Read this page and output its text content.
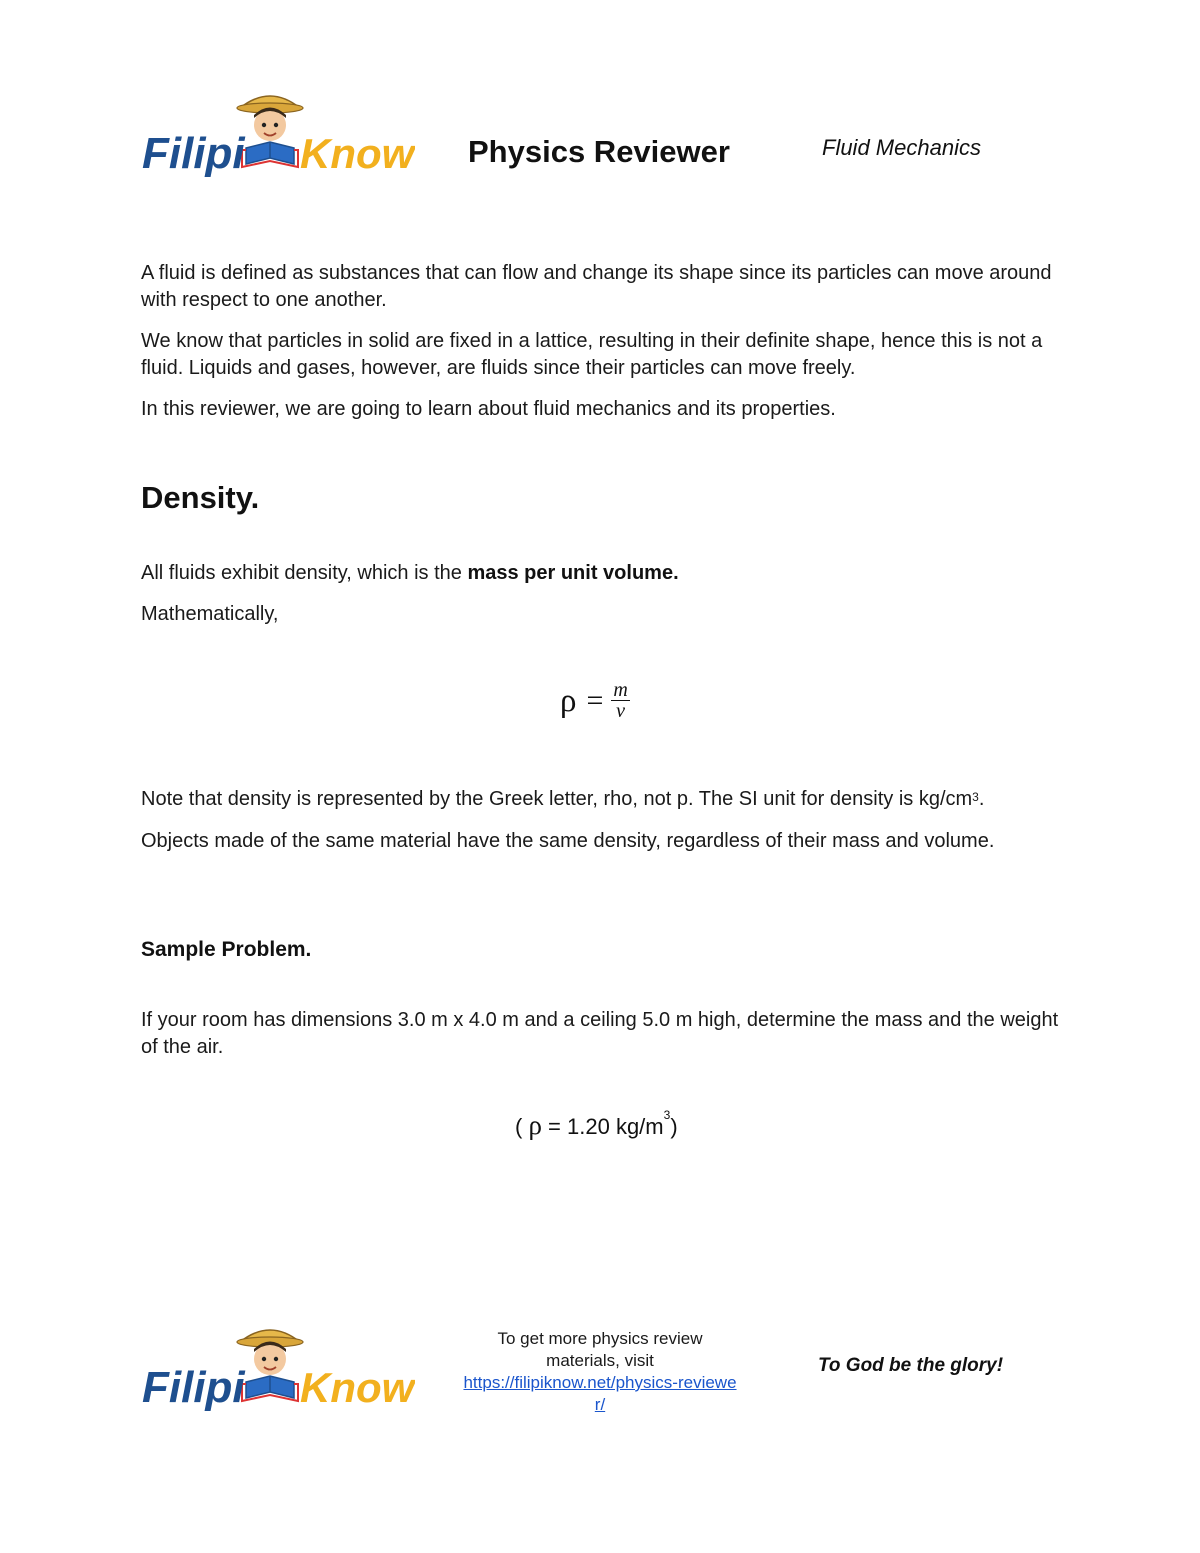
Filipi Know Physics Reviewer	Fluid Mechanics

A fluid is defined as substances that can flow and change its shape since its particles can move around with respect to one another.

We know that particles in solid are fixed in a lattice, resulting in their definite shape, hence this is not a fluid. Liquids and gases, however, are fluids since their particles can move freely.

In this reviewer, we are going to learn about fluid mechanics and its properties.

Density.

All fluids exhibit density, which is the mass per unit volume.

Mathematically,

$\rho = \frac{m}{v}$

Note that density is represented by the Greek letter, rho, not p. The SI unit for density is $kg/cm^3$.

Objects made of the same material have the same density, regardless of their mass and volume.

Sample Problem.

If your room has dimensions 3.0 m x 4.0 m and a ceiling 5.0 m high, determine the mass and the weight of the air.

( ρ = 1.20 $kg/m^3$)
Filipi Know
To get more physics review materials, visit
https://filipiknow.net/physics-reviewer/
To God be the glory!
